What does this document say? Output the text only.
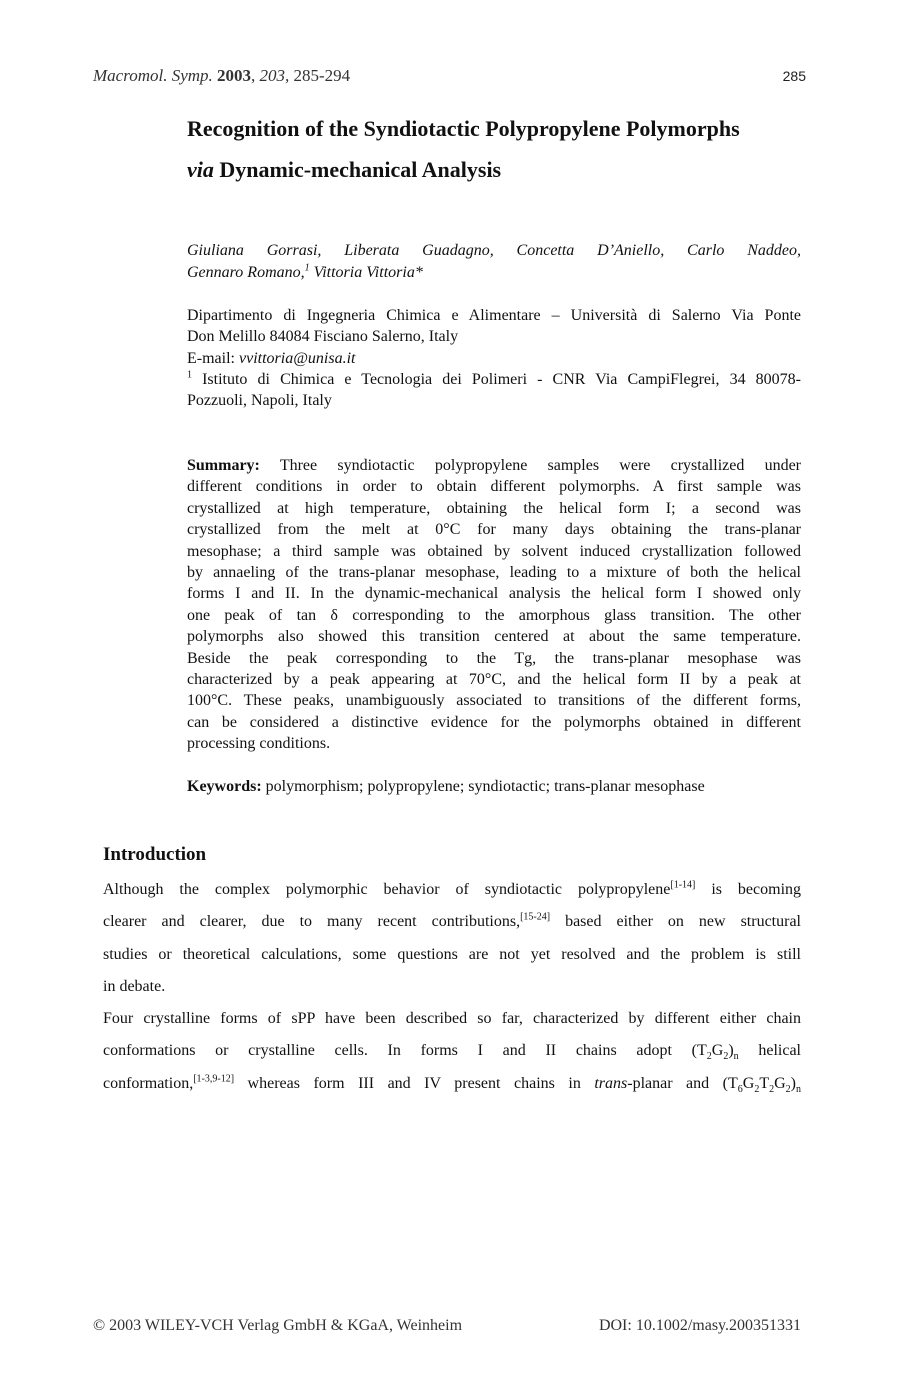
Macromol. Symp. 2003, 203, 285-294	285
Recognition of the Syndiotactic Polypropylene Polymorphs
via Dynamic-mechanical Analysis
Giuliana Gorrasi, Liberata Guadagno, Concetta D’Aniello, Carlo Naddeo,
Gennaro Romano,$^1$ Vittoria Vittoria*
Dipartimento di Ingegneria Chimica e Alimentare – Università di Salerno Via Ponte
Don Melillo 84084 Fisciano Salerno, Italy
E-mail: vvittoria@unisa.it
$^1$ Istituto di Chimica e Tecnologia dei Polimeri - CNR Via CampiFlegrei, 34 80078-
Pozzuoli, Napoli, Italy
Summary: Three syndiotactic polypropylene samples were crystallized under
different conditions in order to obtain different polymorphs. A first sample was
crystallized at high temperature, obtaining the helical form I; a second was
crystallized from the melt at 0°C for many days obtaining the trans-planar
mesophase; a third sample was obtained by solvent induced crystallization followed
by annaeling of the trans-planar mesophase, leading to a mixture of both the helical
forms I and II. In the dynamic-mechanical analysis the helical form I showed only
one peak of tan δ corresponding to the amorphous glass transition. The other
polymorphs also showed this transition centered at about the same temperature.
Beside the peak corresponding to the Tg, the trans-planar mesophase was
characterized by a peak appearing at 70°C, and the helical form II by a peak at
100°C. These peaks, unambiguously associated to transitions of the different forms,
can be considered a distinctive evidence for the polymorphs obtained in different
processing conditions.
Keywords: polymorphism; polypropylene; syndiotactic; trans-planar mesophase
Introduction
Although the complex polymorphic behavior of syndiotactic polypropylene[1-14] is becoming
clearer and clearer, due to many recent contributions,[15-24] based either on new structural
studies or theoretical calculations, some questions are not yet resolved and the problem is still
in debate.
Four crystalline forms of sPP have been described so far, characterized by different either chain
conformations or crystalline cells. In forms I and II chains adopt $(T_2G_2)_n$ helical
conformation,[1-3,9-12] whereas form III and IV present chains in trans-planar and $(T_6G_2T_2G_2)_n$
© 2003 WILEY-VCH Verlag GmbH & KGaA, Weinheim	DOI: 10.1002/masy.200351331
